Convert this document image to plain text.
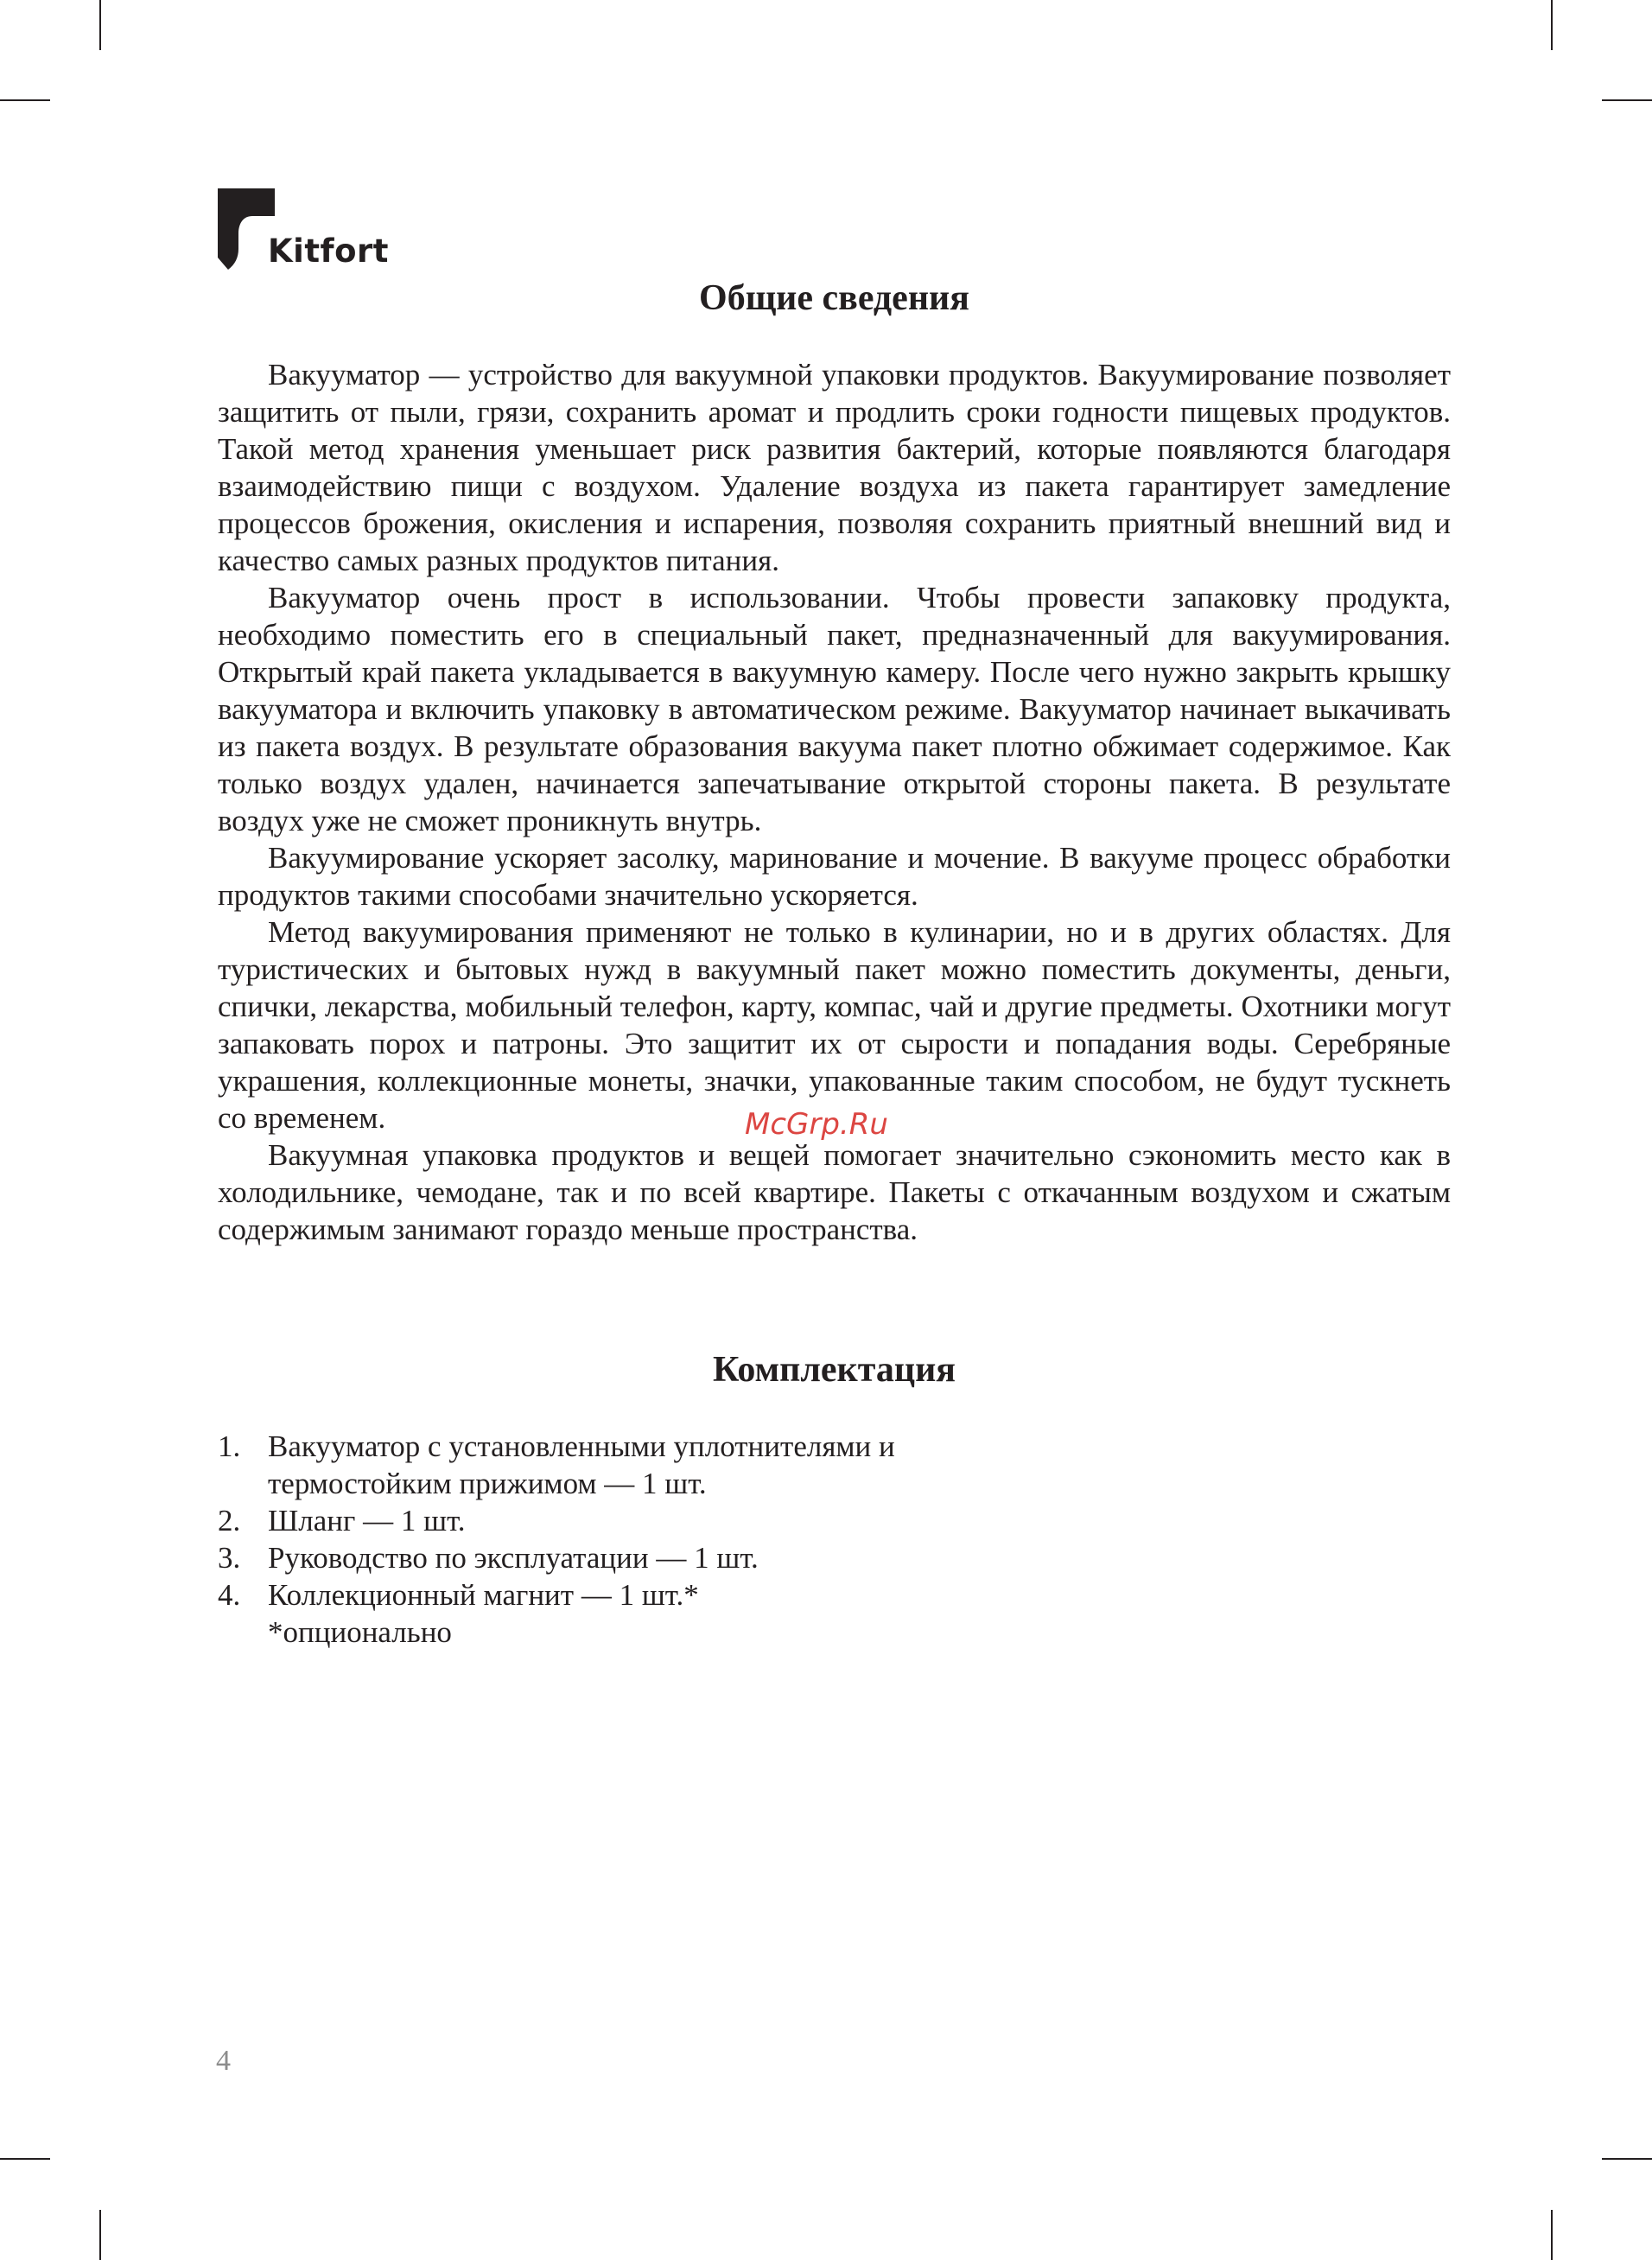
Kitfort
Общие сведения

Вакууматор — устройство для вакуумной упаковки продуктов. Вакуумирование позволяет защитить от пыли, грязи, сохранить аромат и продлить сроки годности пищевых продуктов. Такой метод хранения уменьшает риск развития бактерий, которые появляются благодаря взаимодействию пищи с воздухом. Удаление воздуха из пакета гарантирует замедление процессов брожения, окисления и испарения, позволяя сохранить приятный внешний вид и качество самых разных продуктов питания.

Вакууматор очень прост в использовании. Чтобы провести запаковку продукта, необходимо поместить его в специальный пакет, предназначенный для вакуумирования. Открытый край пакета укладывается в вакуумную камеру. После чего нужно закрыть крышку вакууматора и включить упаковку в автоматическом режиме. Вакууматор начинает выкачивать из пакета воздух. В результате образования вакуума пакет плотно обжимает содержимое. Как только воздух удален, начинается запечатывание открытой стороны пакета. В результате воздух уже не сможет проникнуть внутрь.

Вакуумирование ускоряет засолку, маринование и мочение. В вакууме процесс обработки продуктов такими способами значительно ускоряется.

Метод вакуумирования применяют не только в кулинарии, но и в других областях. Для туристических и бытовых нужд в вакуумный пакет можно поместить документы, деньги, спички, лекарства, мобильный телефон, карту, компас, чай и другие предметы. Охотники могут запаковать порох и патроны. Это защитит их от сырости и попадания воды. Серебряные украшения, коллекционные монеты, значки, упакованные таким способом, не будут тускнеть со временем.

Вакуумная упаковка продуктов и вещей помогает значительно сэкономить место как в холодильнике, чемодане, так и по всей квартире. Пакеты с откачанным воздухом и сжатым содержимым занимают гораздо меньше пространства.

Комплектация
1. Вакууматор с установленными уплотнителями и
термостойким прижимом — 1 шт.
2. Шланг — 1 шт.
3. Руководство по эксплуатации — 1 шт.
4. Коллекционный магнит — 1 шт.*
*опционально
McGrp.Ru
4
